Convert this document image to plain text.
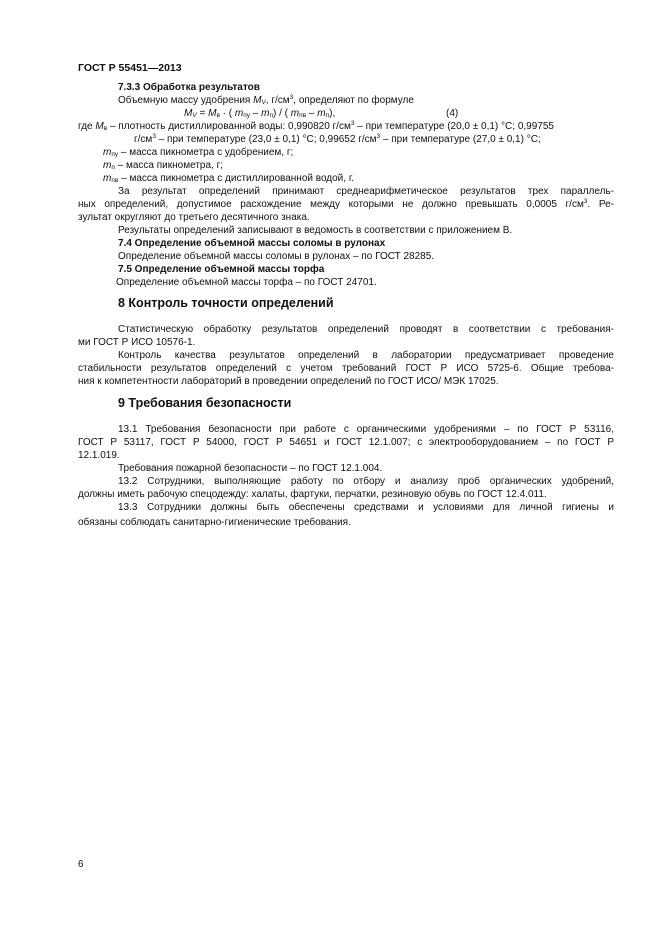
ГОСТ Р 55451—2013
7.3.3 Обработка результатов
Объемную массу удобрения $M_V$, $г/см^3$, определяют по формуле
$M_V = M_в$ · ( $m_{пу} - m_п$) / ( $m_{пв} - m_п$),	(4)
где $M_в$ – плотность дистиллированной воды: 0,990820 $г/см^3$ – при температуре (20,0 ± 0,1) °С; 0,99755
$г/см^3$ – при температуре (23,0 ± 0,1) °С; 0,99652 $г/см^3$ – при температуре (27,0 ± 0,1) °С;
$m_{пу}$ – масса пикнометра с удобрением, г;
$m_п$ – масса пикнометра, г;
$m_{пв}$ – масса пикнометра с дистиллированной водой, г.
За результат определений принимают среднеарифметическое результатов трех параллель-
ных определений, допустимое расхождение между которыми не должно превышать 0,0005 $г/см^3$. Ре-
зультат округляют до третьего десятичного знака.
Результаты определений записывают в ведомость в соответствии с приложением В.
7.4 Определение объемной массы соломы в рулонах
Определение объемной массы соломы в рулонах – по ГОСТ 28285.
7.5 Определение объемной массы торфа
Определение объемной массы торфа – по ГОСТ 24701.
8 Контроль точности определений
Статистическую обработку результатов определений проводят в соответствии с требования-
ми ГОСТ Р ИСО 10576-1.
Контроль качества результатов определений в лаборатории предусматривает проведение
стабильности результатов определений с учетом требований ГОСТ Р ИСО 5725-6. Общие требова-
ния к компетентности лабораторий в проведении определений по ГОСТ ИСО/ МЭК 17025.
9 Требования безопасности
13.1 Требования безопасности при работе с органическими удобрениями – по ГОСТ Р 53116,
ГОСТ Р 53117, ГОСТ Р 54000, ГОСТ Р 54651 и ГОСТ 12.1.007; с электрооборудованием – по ГОСТ Р
12.1.019.
Требования пожарной безопасности – по ГОСТ 12.1.004.
13.2 Сотрудники, выполняющие работу по отбору и анализу проб органических удобрений,
должны иметь рабочую спецодежду: халаты, фартуки, перчатки, резиновую обувь по ГОСТ 12.4.011.
13.3 Сотрудники должны быть обеспечены средствами и условиями для личной гигиены и
обязаны соблюдать санитарно-гигиенические требования.
6
